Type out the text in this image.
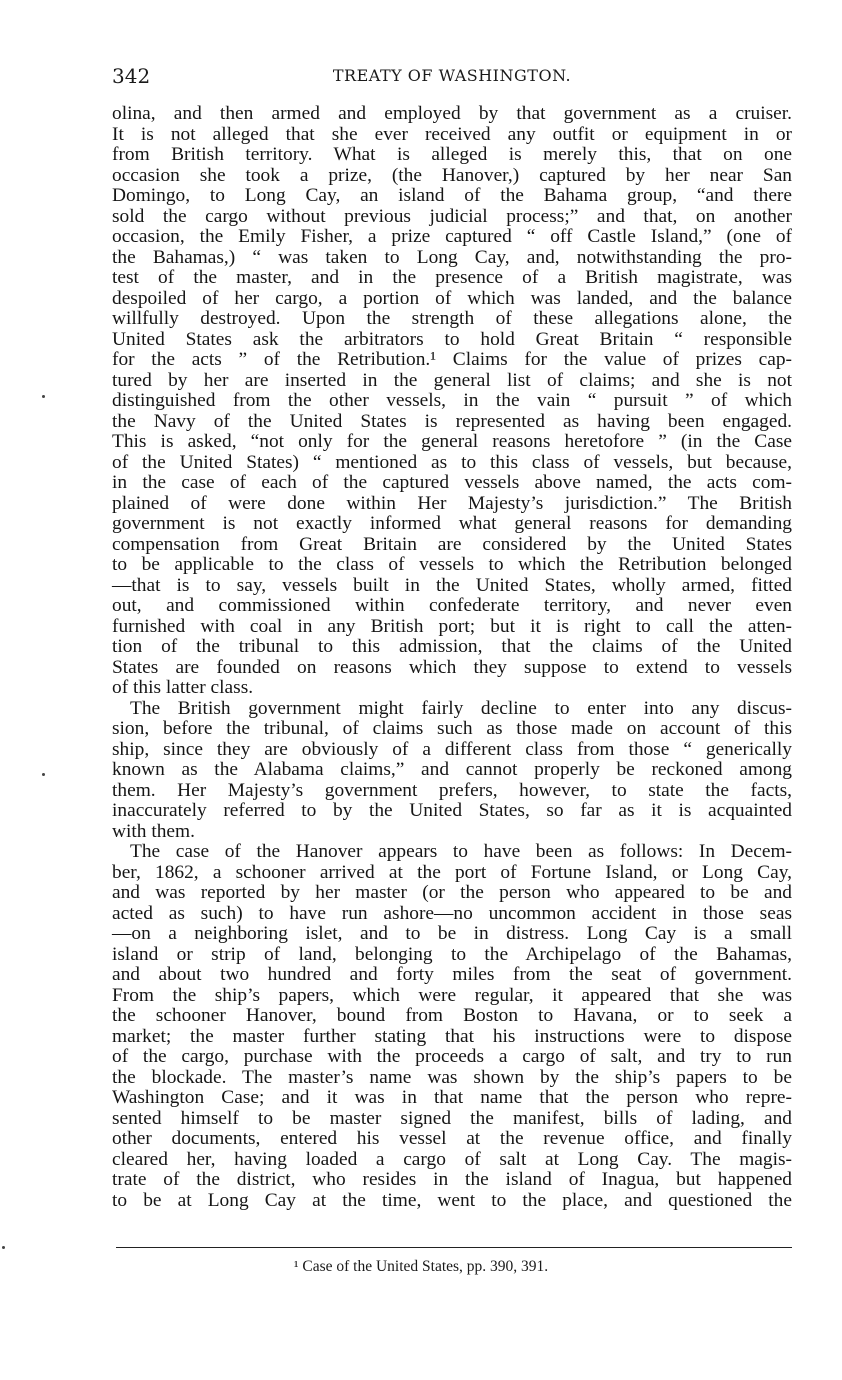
342	TREATY OF WASHINGTON.
olina, and then armed and employed by that government as a cruiser.
It is not alleged that she ever received any outfit or equipment in or
from British territory. What is alleged is merely this, that on one
occasion she took a prize, (the Hanover,) captured by her near San
Domingo, to Long Cay, an island of the Bahama group, “and there
sold the cargo without previous judicial process;” and that, on another
occasion, the Emily Fisher, a prize captured “ off Castle Island,” (one of
the Bahamas,) “ was taken to Long Cay, and, notwithstanding the pro-
test of the master, and in the presence of a British magistrate, was
despoiled of her cargo, a portion of which was landed, and the balance
willfully destroyed. Upon the strength of these allegations alone, the
United States ask the arbitrators to hold Great Britain “ responsible
for the acts ” of the Retribution.¹ Claims for the value of prizes cap-
tured by her are inserted in the general list of claims; and she is not
distinguished from the other vessels, in the vain “ pursuit ” of which
the Navy of the United States is represented as having been engaged.
This is asked, “not only for the general reasons heretofore ” (in the Case
of the United States) “ mentioned as to this class of vessels, but because,
in the case of each of the captured vessels above named, the acts com-
plained of were done within Her Majesty’s jurisdiction.” The British
government is not exactly informed what general reasons for demanding
compensation from Great Britain are considered by the United States
to be applicable to the class of vessels to which the Retribution belonged
—that is to say, vessels built in the United States, wholly armed, fitted
out, and commissioned within confederate territory, and never even
furnished with coal in any British port; but it is right to call the atten-
tion of the tribunal to this admission, that the claims of the United
States are founded on reasons which they suppose to extend to vessels
of this latter class.
The British government might fairly decline to enter into any discus-
sion, before the tribunal, of claims such as those made on account of this
ship, since they are obviously of a different class from those “ generically
known as the Alabama claims,” and cannot properly be reckoned among
them. Her Majesty’s government prefers, however, to state the facts,
inaccurately referred to by the United States, so far as it is acquainted
with them.
The case of the Hanover appears to have been as follows: In Decem-
ber, 1862, a schooner arrived at the port of Fortune Island, or Long Cay,
and was reported by her master (or the person who appeared to be and
acted as such) to have run ashore—no uncommon accident in those seas
—on a neighboring islet, and to be in distress. Long Cay is a small
island or strip of land, belonging to the Archipelago of the Bahamas,
and about two hundred and forty miles from the seat of government.
From the ship’s papers, which were regular, it appeared that she was
the schooner Hanover, bound from Boston to Havana, or to seek a
market; the master further stating that his instructions were to dispose
of the cargo, purchase with the proceeds a cargo of salt, and try to run
the blockade. The master’s name was shown by the ship’s papers to be
Washington Case; and it was in that name that the person who repre-
sented himself to be master signed the manifest, bills of lading, and
other documents, entered his vessel at the revenue office, and finally
cleared her, having loaded a cargo of salt at Long Cay. The magis-
trate of the district, who resides in the island of Inagua, but happened
to be at Long Cay at the time, went to the place, and questioned the
¹ Case of the United States, pp. 390, 391.
